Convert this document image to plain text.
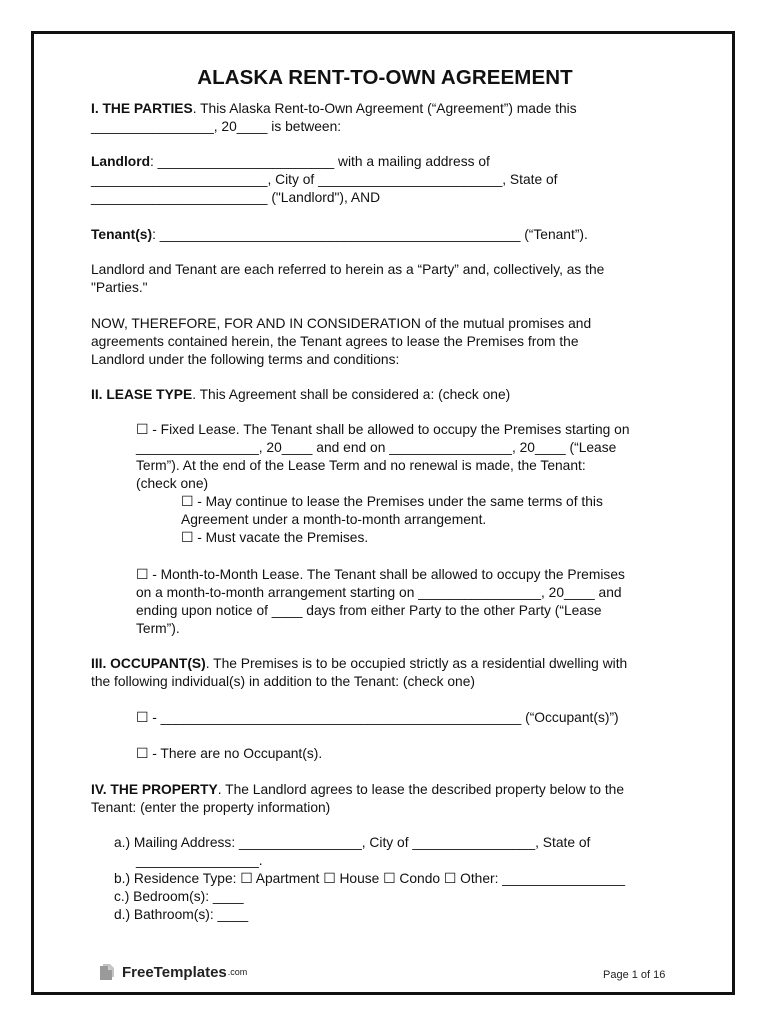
ALASKA RENT-TO-OWN AGREEMENT
I. THE PARTIES. This Alaska Rent-to-Own Agreement (“Agreement”) made this
________________, 20____ is between:
Landlord: _______________________ with a mailing address of
_______________________, City of ________________________, State of
_______________________ ("Landlord"), AND
Tenant(s): _______________________________________________ (“Tenant”).
Landlord and Tenant are each referred to herein as a “Party” and, collectively, as the
"Parties."
NOW, THEREFORE, FOR AND IN CONSIDERATION of the mutual promises and
agreements contained herein, the Tenant agrees to lease the Premises from the
Landlord under the following terms and conditions:
II. LEASE TYPE. This Agreement shall be considered a: (check one)
☐ - Fixed Lease. The Tenant shall be allowed to occupy the Premises starting on
________________, 20____ and end on ________________, 20____ (“Lease
Term”). At the end of the Lease Term and no renewal is made, the Tenant:
(check one)
☐ - May continue to lease the Premises under the same terms of this
Agreement under a month-to-month arrangement.
☐ - Must vacate the Premises.
☐ - Month-to-Month Lease. The Tenant shall be allowed to occupy the Premises
on a month-to-month arrangement starting on ________________, 20____ and
ending upon notice of ____ days from either Party to the other Party (“Lease
Term”).
III. OCCUPANT(S). The Premises is to be occupied strictly as a residential dwelling with
the following individual(s) in addition to the Tenant: (check one)
☐ - _______________________________________________ (“Occupant(s)”)
☐ - There are no Occupant(s).
IV. THE PROPERTY. The Landlord agrees to lease the described property below to the
Tenant: (enter the property information)
a.) Mailing Address: ________________, City of ________________, State of
________________.
b.) Residence Type: ☐ Apartment ☐ House ☐ Condo ☐ Other: ________________
c.) Bedroom(s): ____
d.) Bathroom(s): ____
FreeTemplates .com	Page 1 of 16
